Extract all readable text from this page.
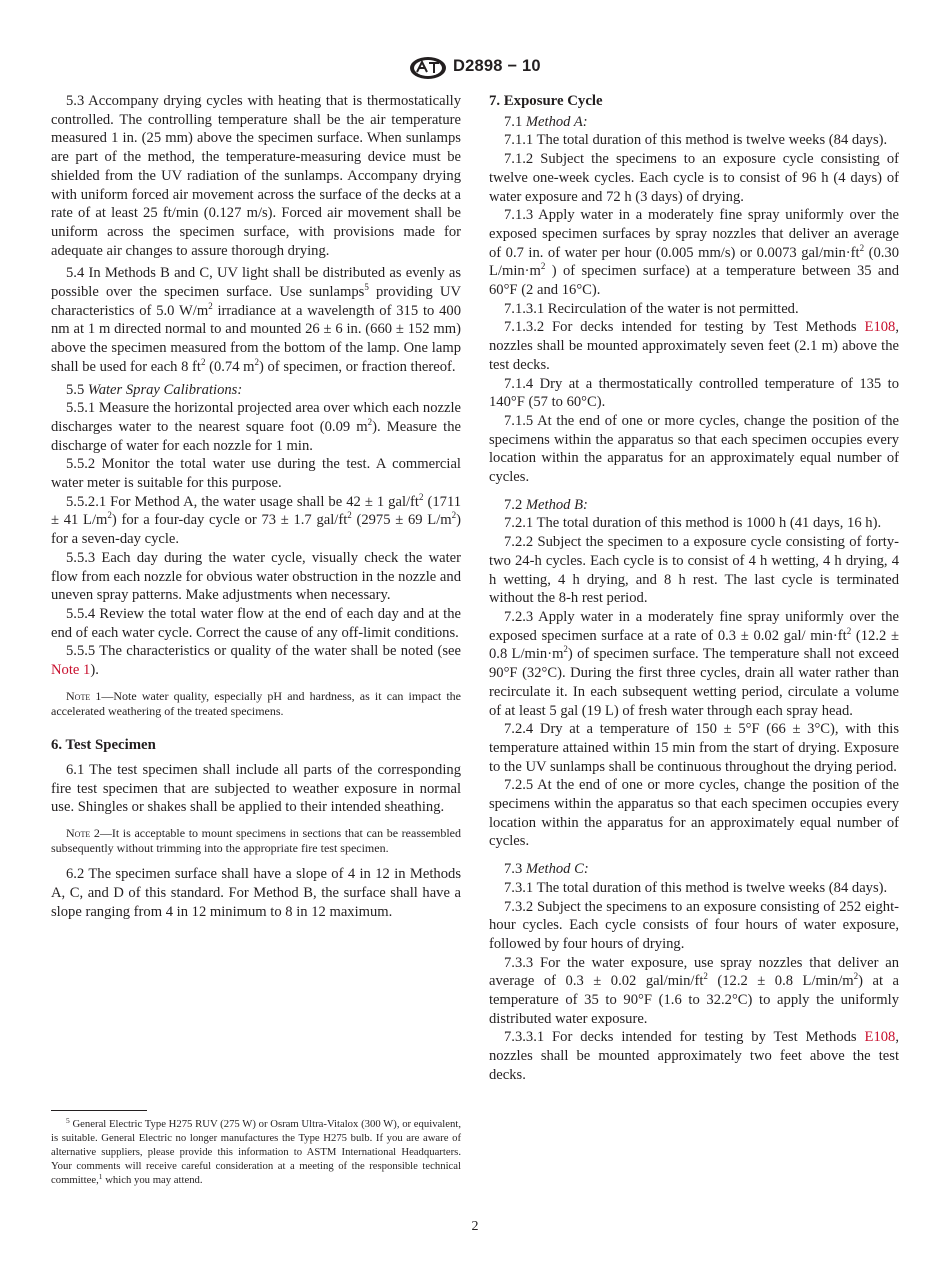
D2898 − 10

5.3 Accompany drying cycles with heating that is thermostatically controlled. The controlling temperature shall be the air temperature measured 1 in. (25 mm) above the specimen surface. When sunlamps are part of the method, the temperature-measuring device must be shielded from the UV radiation of the sunlamps. Accompany drying with uniform forced air movement across the surface of the decks at a rate of at least 25 ft/min (0.127 m/s). Forced air movement shall be uniform across the specimen surface, with provisions made for adequate air changes to assure thorough drying.

5.4 In Methods B and C, UV light shall be distributed as evenly as possible over the specimen surface. Use sunlamps$^5$ providing UV characteristics of 5.0 $W/m^2$ irradiance at a wavelength of 315 to 400 nm at 1 m directed normal to and mounted 26 ± 6 in. (660 ± 152 mm) above the specimen measured from the bottom of the lamp. One lamp shall be used for each 8 $ft^2$ (0.74 $m^2$) of specimen, or fraction thereof.

5.5 Water Spray Calibrations:

5.5.1 Measure the horizontal projected area over which each nozzle discharges water to the nearest square foot (0.09 $m^2$). Measure the discharge of water for each nozzle for 1 min.

5.5.2 Monitor the total water use during the test. A commercial water meter is suitable for this purpose.

5.5.2.1 For Method A, the water usage shall be 42 ± 1 gal/$ft^2$ (1711 ± 41 $L/m^2$) for a four-day cycle or 73 ± 1.7 gal/$ft^2$ (2975 ± 69 $L/m^2$) for a seven-day cycle.

5.5.3 Each day during the water cycle, visually check the water flow from each nozzle for obvious water obstruction in the nozzle and uneven spray patterns. Make adjustments when necessary.

5.5.4 Review the total water flow at the end of each day and at the end of each water cycle. Correct the cause of any off-limit conditions.

5.5.5 The characteristics or quality of the water shall be noted (see Note 1).

Note 1—Note water quality, especially pH and hardness, as it can impact the accelerated weathering of the treated specimens.

6. Test Specimen

6.1 The test specimen shall include all parts of the corresponding fire test specimen that are subjected to weather exposure in normal use. Shingles or shakes shall be applied to their intended sheathing.

Note 2—It is acceptable to mount specimens in sections that can be reassembled subsequently without trimming into the appropriate fire test specimen.

6.2 The specimen surface shall have a slope of 4 in 12 in Methods A, C, and D of this standard. For Method B, the surface shall have a slope ranging from 4 in 12 minimum to 8 in 12 maximum.

$^5$ General Electric Type H275 RUV (275 W) or Osram Ultra-Vitalox (300 W), or equivalent, is suitable. General Electric no longer manufactures the Type H275 bulb. If you are aware of alternative suppliers, please provide this information to ASTM International Headquarters. Your comments will receive careful consideration at a meeting of the responsible technical committee,$^1$ which you may attend.

7. Exposure Cycle

7.1 Method A:

7.1.1 The total duration of this method is twelve weeks (84 days).

7.1.2 Subject the specimens to an exposure cycle consisting of twelve one-week cycles. Each cycle is to consist of 96 h (4 days) of water exposure and 72 h (3 days) of drying.

7.1.3 Apply water in a moderately fine spray uniformly over the exposed specimen surfaces by spray nozzles that deliver an average of 0.7 in. of water per hour (0.005 mm/s) or 0.0073 gal/$\min\cdot ft^2$ (0.30 $L/\min\cdot m^2$ ) of specimen surface) at a temperature between 35 and 60°F (2 and 16°C).

7.1.3.1 Recirculation of the water is not permitted.

7.1.3.2 For decks intended for testing by Test Methods E108, nozzles shall be mounted approximately seven feet (2.1 m) above the test decks.

7.1.4 Dry at a thermostatically controlled temperature of 135 to 140°F (57 to 60°C).

7.1.5 At the end of one or more cycles, change the position of the specimens within the apparatus so that each specimen occupies every location within the apparatus for an approximately equal number of cycles.

7.2 Method B:

7.2.1 The total duration of this method is 1000 h (41 days, 16 h).

7.2.2 Subject the specimen to a exposure cycle consisting of forty-two 24-h cycles. Each cycle is to consist of 4 h wetting, 4 h drying, 4 h wetting, 4 h drying, and 8 h rest. The last cycle is terminated without the 8-h rest period.

7.2.3 Apply water in a moderately fine spray uniformly over the exposed specimen surface at a rate of 0.3 ± 0.02 gal/ $\min\cdot ft^2$ (12.2 ± 0.8 $L/\min\cdot m^2$) of specimen surface. The temperature shall not exceed 90°F (32°C). During the first three cycles, drain all water rather than recirculate it. In each subsequent wetting period, circulate a volume of at least 5 gal (19 L) of fresh water through each spray head.

7.2.4 Dry at a temperature of 150 ± 5°F (66 ± 3°C), with this temperature attained within 15 min from the start of drying. Exposure to the UV sunlamps shall be continuous throughout the drying period.

7.2.5 At the end of one or more cycles, change the position of the specimens within the apparatus so that each specimen occupies every location within the apparatus for an approximately equal number of cycles.

7.3 Method C:

7.3.1 The total duration of this method is twelve weeks (84 days).

7.3.2 Subject the specimens to an exposure consisting of 252 eight-hour cycles. Each cycle consists of four hours of water exposure, followed by four hours of drying.

7.3.3 For the water exposure, use spray nozzles that deliver an average of 0.3 ± 0.02 gal/$\min/ft^2$ (12.2 ± 0.8 $L/\min/m^2$) at a temperature of 35 to 90°F (1.6 to 32.2°C) to apply the uniformly distributed water exposure.

7.3.3.1 For decks intended for testing by Test Methods E108, nozzles shall be mounted approximately two feet above the test decks.

2
